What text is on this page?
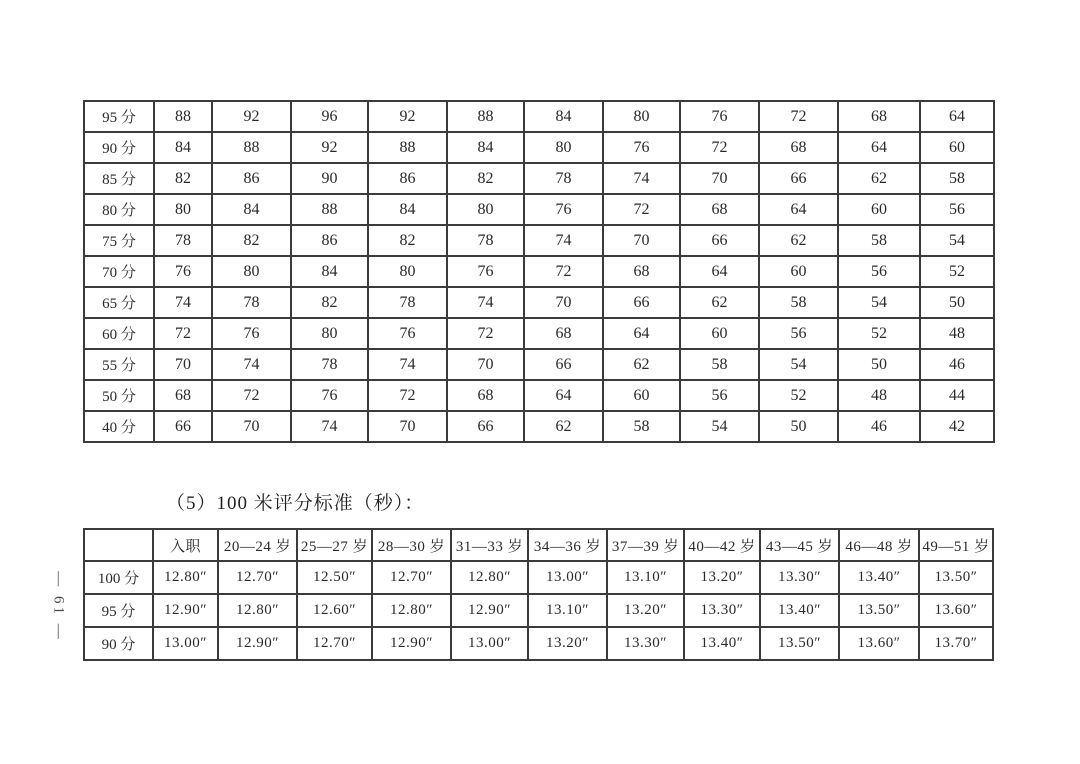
— 61 —
95 分	88	92	96	92	88	84	80	76	72	68	64
90 分	84	88	92	88	84	80	76	72	68	64	60
85 分	82	86	90	86	82	78	74	70	66	62	58
80 分	80	84	88	84	80	76	72	68	64	60	56
75 分	78	82	86	82	78	74	70	66	62	58	54
70 分	76	80	84	80	76	72	68	64	60	56	52
65 分	74	78	82	78	74	70	66	62	58	54	50
60 分	72	76	80	76	72	68	64	60	56	52	48
55 分	70	74	78	74	70	66	62	58	54	50	46
50 分	68	72	76	72	68	64	60	56	52	48	44
40 分	66	70	74	70	66	62	58	54	50	46	42
（5）100 米评分标准（秒）：
	入职	20—24 岁	25—27 岁	28—30 岁	31—33 岁	34—36 岁	37—39 岁	40—42 岁	43—45 岁	46—48 岁	49—51 岁
100 分	12.80″	12.70″	12.50″	12.70″	12.80″	13.00″	13.10″	13.20″	13.30″	13.40″	13.50″
95 分	12.90″	12.80″	12.60″	12.80″	12.90″	13.10″	13.20″	13.30″	13.40″	13.50″	13.60″
90 分	13.00″	12.90″	12.70″	12.90″	13.00″	13.20″	13.30″	13.40″	13.50″	13.60″	13.70″
